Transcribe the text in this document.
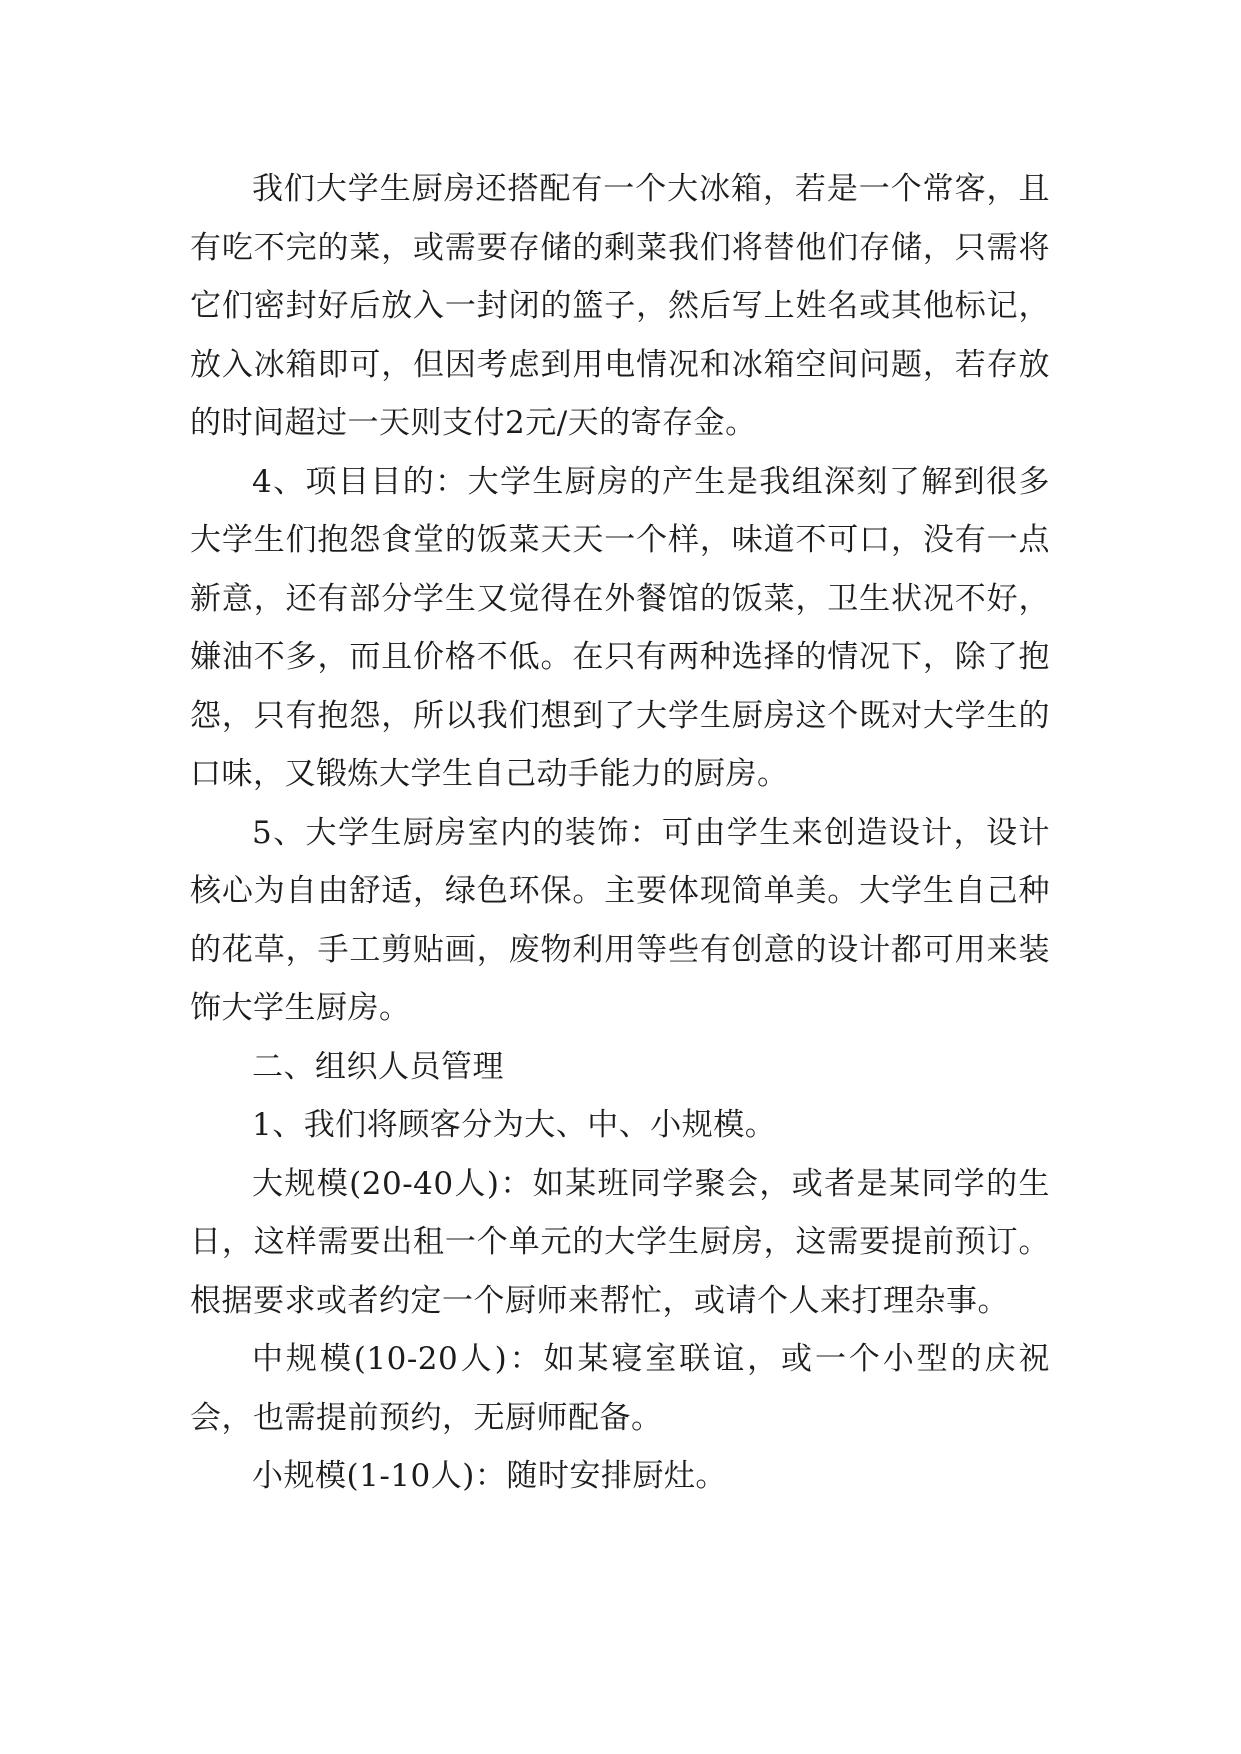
我们大学生厨房还搭配有一个大冰箱，若是一个常客，且有吃不完的菜，或需要存储的剩菜我们将替他们存储，只需将它们密封好后放入一封闭的篮子，然后写上姓名或其他标记，放入冰箱即可，但因考虑到用电情况和冰箱空间问题，若存放的时间超过一天则支付2元/天的寄存金。

4、项目目的：大学生厨房的产生是我组深刻了解到很多大学生们抱怨食堂的饭菜天天一个样，味道不可口，没有一点新意，还有部分学生又觉得在外餐馆的饭菜，卫生状况不好，嫌油不多，而且价格不低。在只有两种选择的情况下，除了抱怨，只有抱怨，所以我们想到了大学生厨房这个既对大学生的口味，又锻炼大学生自己动手能力的厨房。

5、大学生厨房室内的装饰：可由学生来创造设计，设计核心为自由舒适，绿色环保。主要体现简单美。大学生自己种的花草，手工剪贴画，废物利用等些有创意的设计都可用来装饰大学生厨房。

二、组织人员管理

1、我们将顾客分为大、中、小规模。

大规模(20-40人)：如某班同学聚会，或者是某同学的生日，这样需要出租一个单元的大学生厨房，这需要提前预订。根据要求或者约定一个厨师来帮忙，或请个人来打理杂事。

中规模(10-20人)：如某寝室联谊，或一个小型的庆祝会，也需提前预约，无厨师配备。

小规模(1-10人)：随时安排厨灶。
